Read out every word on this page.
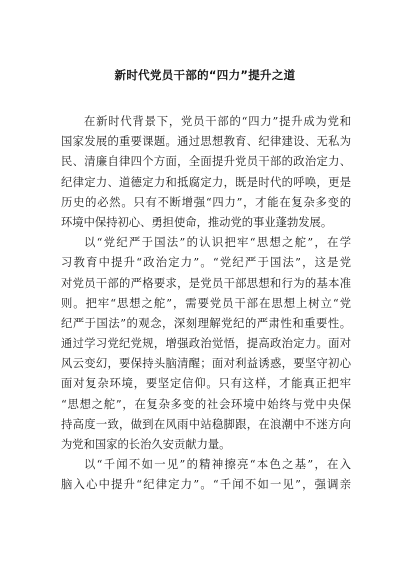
新时代党员干部的“四力”提升之道
在新时代背景下，党员干部的“四力”提升成为党和
国家发展的重要课题。通过思想教育、纪律建设、无私为
民、清廉自律四个方面，全面提升党员干部的政治定力、
纪律定力、道德定力和抵腐定力，既是时代的呼唤，更是
历史的必然。只有不断增强“四力”，才能在复杂多变的
环境中保持初心、勇担使命，推动党的事业蓬勃发展。
以“党纪严于国法”的认识把牢“思想之舵”，在学
习教育中提升“政治定力”。“党纪严于国法”，这是党
对党员干部的严格要求，是党员干部思想和行为的基本准
则。把牢“思想之舵”，需要党员干部在思想上树立“党
纪严于国法”的观念，深刻理解党纪的严肃性和重要性。
通过学习党纪党规，增强政治觉悟，提高政治定力。面对
风云变幻，要保持头脑清醒；面对利益诱惑，要坚守初心
面对复杂环境，要坚定信仰。只有这样，才能真正把牢
“思想之舵”，在复杂多变的社会环境中始终与党中央保
持高度一致，做到在风雨中站稳脚跟，在浪潮中不迷方向
为党和国家的长治久安贡献力量。
以“千闻不如一见”的精神擦亮“本色之基”，在入
脑入心中提升“纪律定力”。“千闻不如一见”，强调亲
